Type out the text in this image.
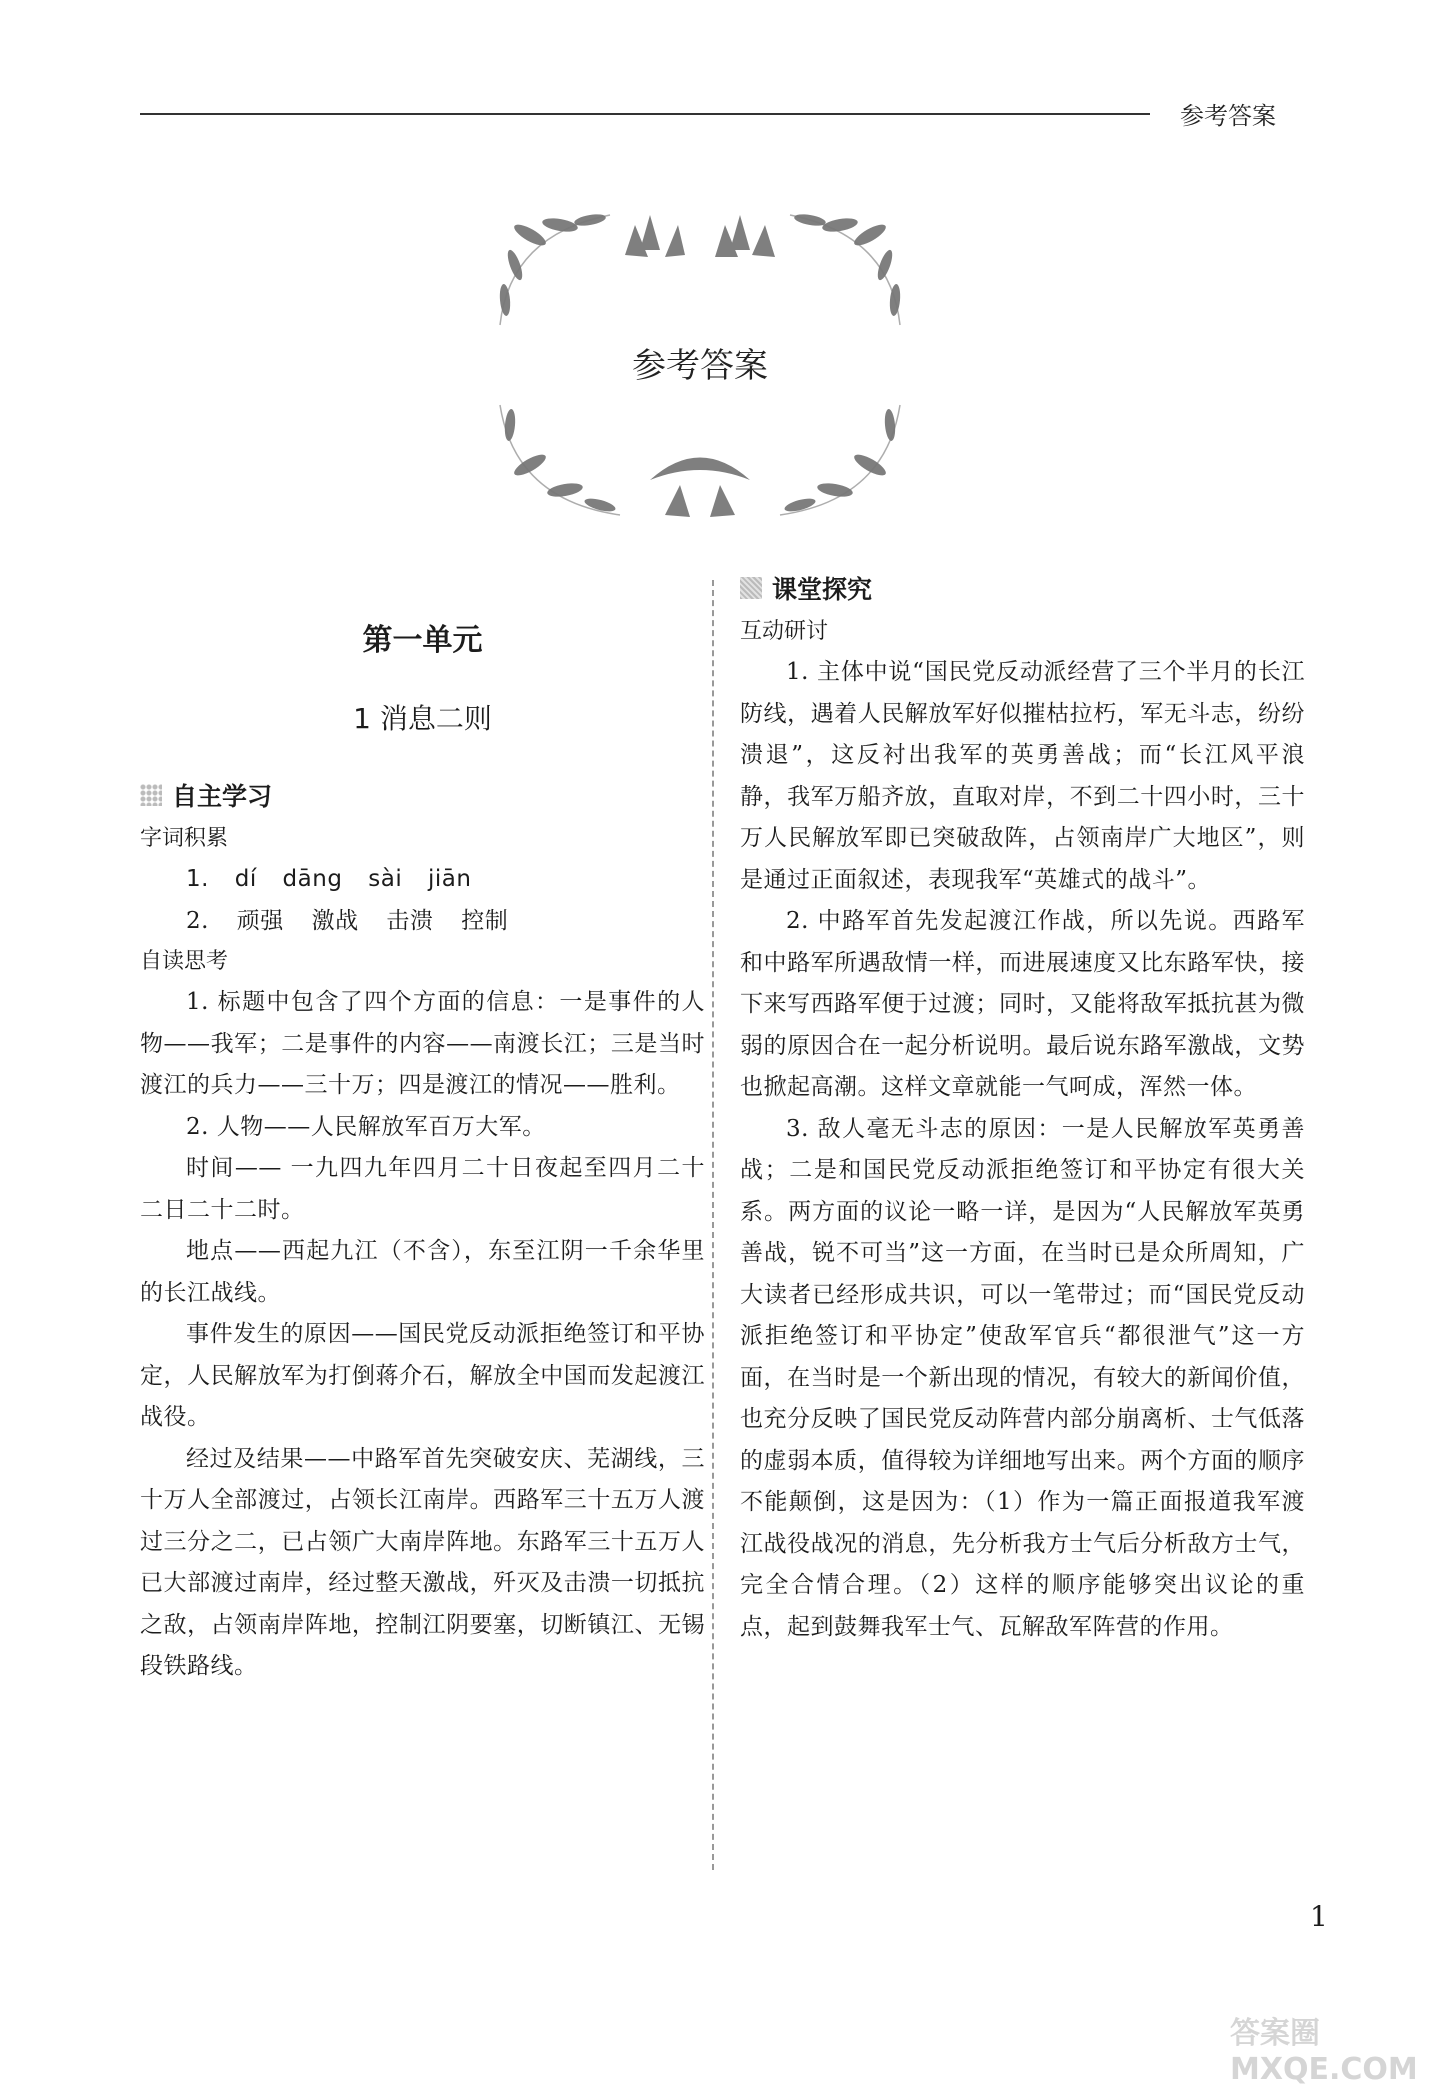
参考答案
参考答案
第一单元
1 消息二则
自主学习
字词积累

1. dí dāng sài jiān

2. 顽强 激战 击溃 控制

自读思考

1. 标题中包含了四个方面的信息：一是事件的人物——我军；二是事件的内容——南渡长江；三是当时渡江的兵力——三十万；四是渡江的情况——胜利。

2. 人物——人民解放军百万大军。

时间—— 一九四九年四月二十日夜起至四月二十二日二十二时。

地点——西起九江（不含），东至江阴一千余华里的长江战线。

事件发生的原因——国民党反动派拒绝签订和平协定，人民解放军为打倒蒋介石，解放全中国而发起渡江战役。

经过及结果——中路军首先突破安庆、芜湖线，三十万人全部渡过，占领长江南岸。西路军三十五万人渡过三分之二，已占领广大南岸阵地。东路军三十五万人已大部渡过南岸，经过整天激战，歼灭及击溃一切抵抗之敌，占领南岸阵地，控制江阴要塞，切断镇江、无锡段铁路线。

课堂探究
互动研讨

1. 主体中说“国民党反动派经营了三个半月的长江防线，遇着人民解放军好似摧枯拉朽，军无斗志，纷纷溃退”，这反衬出我军的英勇善战；而“长江风平浪静，我军万船齐放，直取对岸，不到二十四小时，三十万人民解放军即已突破敌阵，占领南岸广大地区”，则是通过正面叙述，表现我军“英雄式的战斗”。

2. 中路军首先发起渡江作战，所以先说。西路军和中路军所遇敌情一样，而进展速度又比东路军快，接下来写西路军便于过渡；同时，又能将敌军抵抗甚为微弱的原因合在一起分析说明。最后说东路军激战，文势也掀起高潮。这样文章就能一气呵成，浑然一体。

3. 敌人毫无斗志的原因：一是人民解放军英勇善战；二是和国民党反动派拒绝签订和平协定有很大关系。两方面的议论一略一详，是因为“人民解放军英勇善战，锐不可当”这一方面，在当时已是众所周知，广大读者已经形成共识，可以一笔带过；而“国民党反动派拒绝签订和平协定”使敌军官兵“都很泄气”这一方面，在当时是一个新出现的情况，有较大的新闻价值，也充分反映了国民党反动阵营内部分崩离析、士气低落的虚弱本质，值得较为详细地写出来。两个方面的顺序不能颠倒，这是因为：（1）作为一篇正面报道我军渡江战役战况的消息，先分析我方士气后分析敌方士气，完全合情合理。（2）这样的顺序能够突出议论的重点，起到鼓舞我军士气、瓦解敌军阵营的作用。

1
答案圈 MXQE.COM
